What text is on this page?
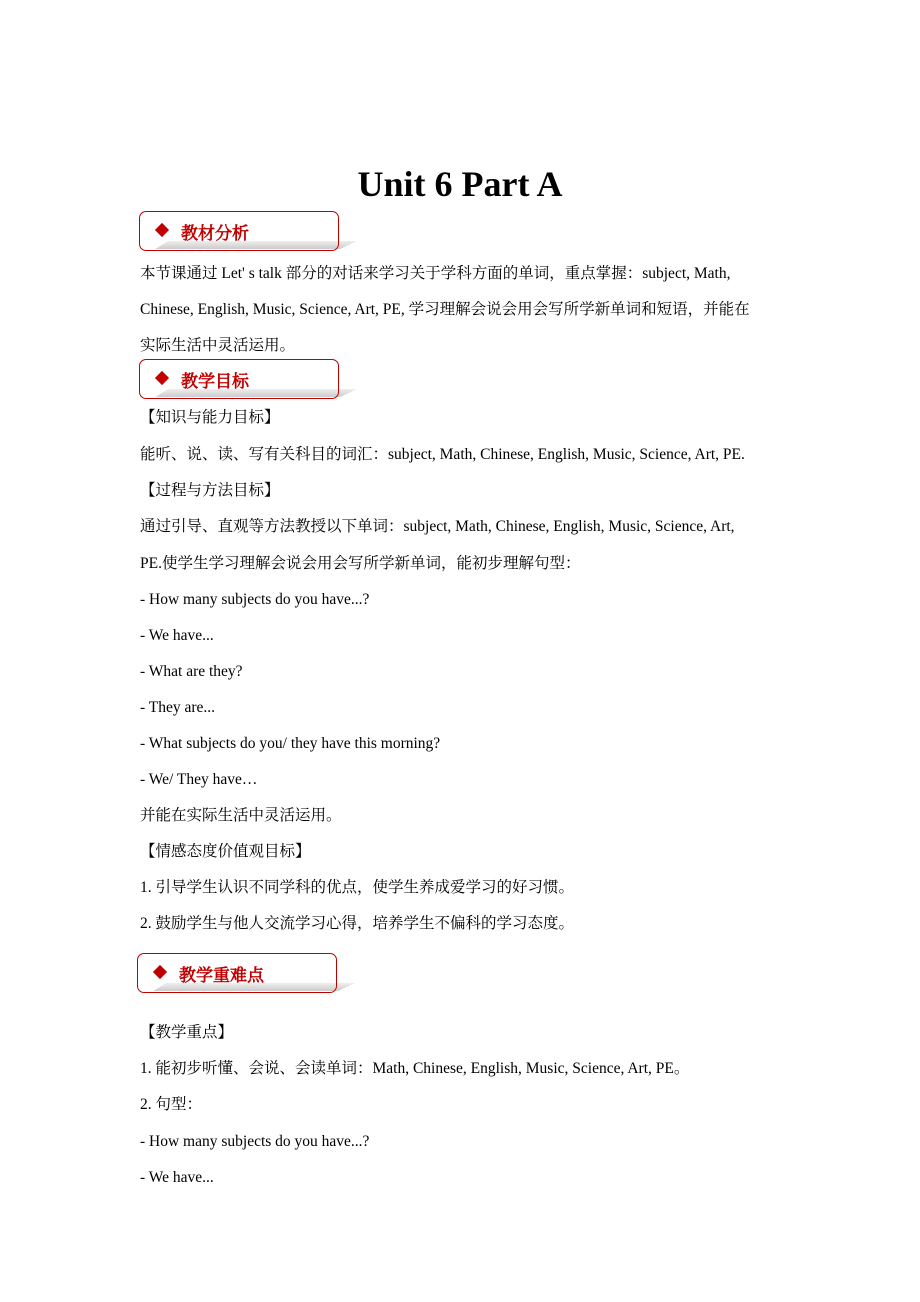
Unit 6 Part A
教材分析
本节课通过 Let' s talk 部分的对话来学习关于学科方面的单词，重点掌握：subject, Math,
Chinese, English, Music, Science, Art, PE, 学习理解会说会用会写所学新单词和短语，并能在
实际生活中灵活运用。
教学目标
【知识与能力目标】
能听、说、读、写有关科目的词汇：subject, Math, Chinese, English, Music, Science, Art, PE.
【过程与方法目标】
通过引导、直观等方法教授以下单词：subject, Math, Chinese, English, Music, Science, Art,
PE.使学生学习理解会说会用会写所学新单词，能初步理解句型：
- How many subjects do you have...?
- We have...
- What are they?
- They are...
- What subjects do you/ they have this morning?
- We/ They have…
并能在实际生活中灵活运用。
【情感态度价值观目标】
1. 引导学生认识不同学科的优点，使学生养成爱学习的好习惯。
2. 鼓励学生与他人交流学习心得，培养学生不偏科的学习态度。
教学重难点
【教学重点】
1. 能初步听懂、会说、会读单词：Math, Chinese, English, Music, Science, Art, PE。
2. 句型：
- How many subjects do you have...?
- We have...
